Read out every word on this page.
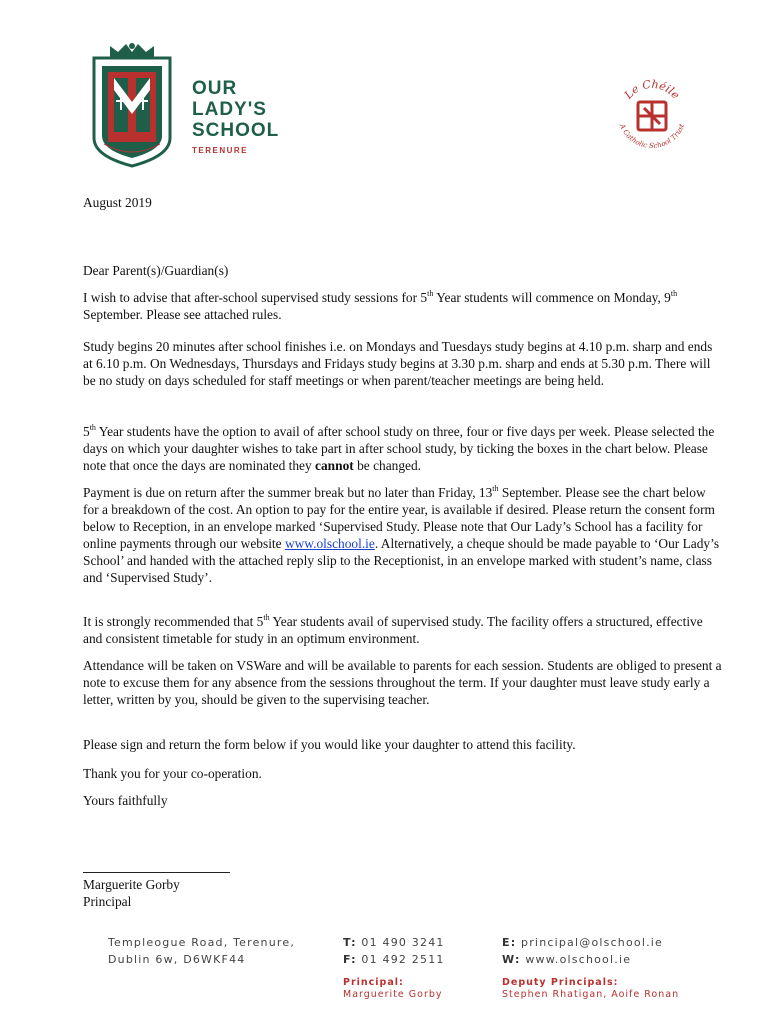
MARIA VITAE PORTA
OUR
LADY'S
SCHOOL
TERENURE
Le Chéile
A Catholic School Trust
August 2019
Dear Parent(s)/Guardian(s)

I wish to advise that after-school supervised study sessions for 5th Year students will commence on Monday, 9th September. Please see attached rules.

Study begins 20 minutes after school finishes i.e. on Mondays and Tuesdays study begins at 4.10 p.m. sharp and ends at 6.10 p.m. On Wednesdays, Thursdays and Fridays study begins at 3.30 p.m. sharp and ends at 5.30 p.m. There will be no study on days scheduled for staff meetings or when parent/teacher meetings are being held.

5th Year students have the option to avail of after school study on three, four or five days per week. Please selected the days on which your daughter wishes to take part in after school study, by ticking the boxes in the chart below. Please note that once the days are nominated they cannot be changed.

Payment is due on return after the summer break but no later than Friday, 13th September. Please see the chart below for a breakdown of the cost. An option to pay for the entire year, is available if desired. Please return the consent form below to Reception, in an envelope marked ‘Supervised Study. Please note that Our Lady’s School has a facility for online payments through our website www.olschool.ie. Alternatively, a cheque should be made payable to ‘Our Lady’s School’ and handed with the attached reply slip to the Receptionist, in an envelope marked with student’s name, class and ‘Supervised Study’.

It is strongly recommended that 5th Year students avail of supervised study. The facility offers a structured, effective and consistent timetable for study in an optimum environment.

Attendance will be taken on VSWare and will be available to parents for each session. Students are obliged to present a note to excuse them for any absence from the sessions throughout the term. If your daughter must leave study early a letter, written by you, should be given to the supervising teacher.
Please sign and return the form below if you would like your daughter to attend this facility.
Thank you for your co-operation.
Yours faithfully
Marguerite Gorby
Principal
Templeogue Road, Terenure,
Dublin 6w, D6WKF44
T: 01 490 3241
F: 01 492 2511
E: principal@olschool.ie
W: www.olschool.ie
Principal:
Marguerite Gorby
Deputy Principals:
Stephen Rhatigan, Aoife Ronan
